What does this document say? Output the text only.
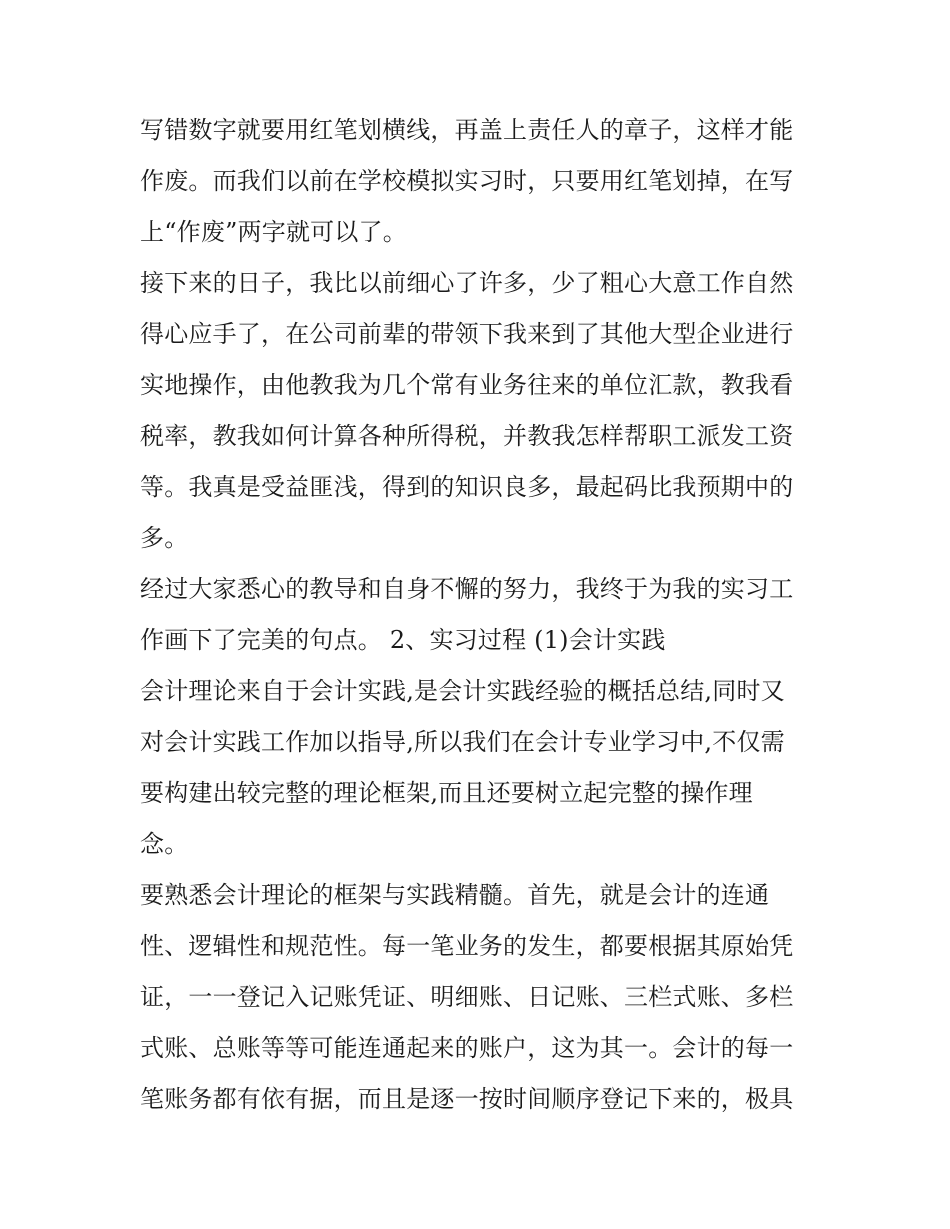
写错数字就要用红笔划横线，再盖上责任人的章子，这样才能
作废。而我们以前在学校模拟实习时，只要用红笔划掉，在写
上“作废”两字就可以了。
接下来的日子，我比以前细心了许多，少了粗心大意工作自然
得心应手了，在公司前辈的带领下我来到了其他大型企业进行
实地操作，由他教我为几个常有业务往来的单位汇款，教我看
税率，教我如何计算各种所得税，并教我怎样帮职工派发工资
等。我真是受益匪浅，得到的知识良多，最起码比我预期中的
多。
经过大家悉心的教导和自身不懈的努力，我终于为我的实习工
作画下了完美的句点。 2、实习过程 (1)会计实践
会计理论来自于会计实践,是会计实践经验的概括总结,同时又
对会计实践工作加以指导,所以我们在会计专业学习中,不仅需
要构建出较完整的理论框架,而且还要树立起完整的操作理
念。
要熟悉会计理论的框架与实践精髓。首先，就是会计的连通
性、逻辑性和规范性。每一笔业务的发生，都要根据其原始凭
证，一一登记入记账凭证、明细账、日记账、三栏式账、多栏
式账、总账等等可能连通起来的账户，这为其一。会计的每一
笔账务都有依有据，而且是逐一按时间顺序登记下来的，极具
